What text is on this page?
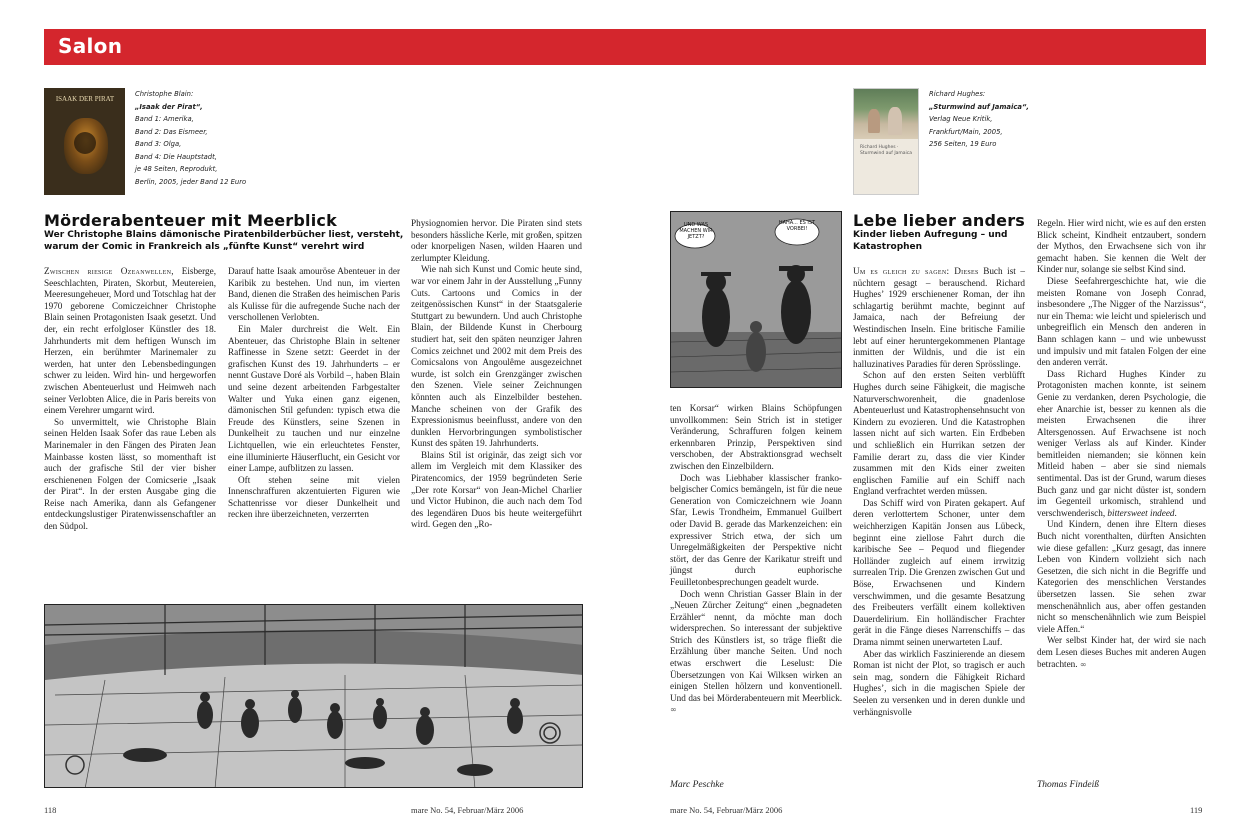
Salon
ISAAK DER PIRAT
Christophe Blain:
„Isaak der Pirat“,
Band 1: Amerika,
Band 2: Das Eismeer,
Band 3: Olga,
Band 4: Die Hauptstadt,
je 48 Seiten, Reprodukt,
Berlin, 2005, jeder Band 12 Euro
Richard Hughes · Sturmwind auf Jamaica
Richard Hughes:
„Sturmwind auf Jamaica“,
Verlag Neue Kritik,
Frankfurt/Main, 2005,
256 Seiten, 19 Euro
Mörderabenteuer mit Meerblick
Wer Christophe Blains dämonische Piratenbilderbücher liest, versteht, warum der Comic in Frankreich als „fünfte Kunst“ verehrt wird

Zwischen riesige Ozeanwellen, Eisberge, Seeschlachten, Piraten, Skorbut, Meutereien, Meeresungeheuer, Mord und Totschlag hat der 1970 geborene Comiczeichner Christophe Blain seinen Protagonisten Isaak gesetzt. Und der, ein recht erfolgloser Künstler des 18. Jahrhunderts mit dem heftigen Wunsch im Herzen, ein berühmter Marinemaler zu werden, hat unter den Lebensbedingungen schwer zu leiden. Wird hin- und hergeworfen zwischen Abenteuerlust und Heimweh nach seiner Verlobten Alice, die in Paris bereits von einem Verehrer umgarnt wird.

So unvermittelt, wie Christophe Blain seinen Helden Isaak Sofer das raue Leben als Marinemaler in den Fängen des Piraten Jean Mainbasse kosten lässt, so momenthaft ist auch der grafische Stil der vier bisher erschienenen Folgen der Comicserie „Isaak der Pirat“. In der ersten Ausgabe ging die Reise nach Amerika, dann als Gefangener entdeckungslustiger Piratenwissenschaftler an den Südpol.

Darauf hatte Isaak amouröse Abenteuer in der Karibik zu bestehen. Und nun, im vierten Band, dienen die Straßen des heimischen Paris als Kulisse für die aufregende Suche nach der verschollenen Verlobten.

Ein Maler durchreist die Welt. Ein Abenteuer, das Christophe Blain in seltener Raffinesse in Szene setzt: Geerdet in der grafischen Kunst des 19. Jahrhunderts – er nennt Gustave Doré als Vorbild –, haben Blain und seine dezent arbeitenden Farbgestalter Walter und Yuka einen ganz eigenen, dämonischen Stil gefunden: typisch etwa die Freude des Künstlers, seine Szenen in Dunkelheit zu tauchen und nur einzelne Lichtquellen, wie ein erleuchtetes Fenster, eine illuminierte Häuserflucht, ein Gesicht vor einer Lampe, aufblitzen zu lassen.

Oft stehen seine mit vielen Innenschraffuren akzentuierten Figuren wie Schattenrisse vor dieser Dunkelheit und recken ihre überzeichneten, verzerrten

Physiognomien hervor. Die Piraten sind stets besonders hässliche Kerle, mit großen, spitzen oder knorpeligen Nasen, wilden Haaren und zerlumpter Kleidung.

Wie nah sich Kunst und Comic heute sind, war vor einem Jahr in der Ausstellung „Funny Cuts. Cartoons und Comics in der zeitgenössischen Kunst“ in der Staatsgalerie Stuttgart zu bewundern. Und auch Christophe Blain, der Bildende Kunst in Cherbourg studiert hat, seit den späten neunziger Jahren Comics zeichnet und 2002 mit dem Preis des Comicsalons von Angoulême ausgezeichnet wurde, ist solch ein Grenzgänger zwischen den Szenen. Viele seiner Zeichnungen könnten auch als Einzelbilder bestehen. Manche scheinen von der Grafik des Expressionismus beeinflusst, andere von den dunklen Hervorbringungen symbolistischer Kunst des späten 19. Jahrhunderts.

Blains Stil ist originär, das zeigt sich vor allem im Vergleich mit dem Klassiker des Piratencomics, der 1959 begründeten Serie „Der rote Korsar“ von Jean-Michel Charlier und Victor Hubinon, die auch nach dem Tod des legendären Duos bis heute weitergeführt wird. Gegen den „Ro-

UND WAS MACHEN WIR JETZT?
HAHA... ES IST VORBEI!

ten Korsar“ wirken Blains Schöpfungen unvollkommen: Sein Strich ist in stetiger Veränderung, Schraffuren folgen keinem erkennbaren Prinzip, Perspektiven sind verschoben, der Abstraktionsgrad wechselt zwischen den Einzelbildern.

Doch was Liebhaber klassischer franko-belgischer Comics bemängeln, ist für die neue Generation von Comiczeichnern wie Joann Sfar, Lewis Trondheim, Emmanuel Guilbert oder David B. gerade das Markenzeichen: ein expressiver Strich etwa, der sich um Unregelmäßigkeiten der Perspektive nicht stört, der das Genre der Karikatur streift und jüngst durch euphorische Feuilletonbesprechungen geadelt wurde.

Doch wenn Christian Gasser Blain in der „Neuen Zürcher Zeitung“ einen „begnadeten Erzähler“ nennt, da möchte man doch widersprechen. So interessant der subjektive Strich des Künstlers ist, so träge fließt die Erzählung über manche Seiten. Und noch etwas erschwert die Leselust: Die Übersetzungen von Kai Wilksen wirken an einigen Stellen hölzern und konventionell. Und das bei Mörderabenteuern mit Meerblick. ∞

Marc Peschke
Lebe lieber anders
Kinder lieben Aufregung – und Katastrophen

Um es gleich zu sagen: Dieses Buch ist – nüchtern gesagt – berauschend. Richard Hughes’ 1929 erschienener Roman, der ihn schlagartig berühmt machte, beginnt auf Jamaica, nach der Befreiung der Westindischen Inseln. Eine britische Familie lebt auf einer heruntergekommenen Plantage inmitten der Wildnis, und die ist ein halluzinatives Paradies für deren Sprösslinge.

Schon auf den ersten Seiten verblüfft Hughes durch seine Fähigkeit, die magische Naturverschworenheit, die gnadenlose Abenteuerlust und Katastrophensehnsucht von Kindern zu evozieren. Und die Katastrophen lassen nicht auf sich warten. Ein Erdbeben und schließlich ein Hurrikan setzen der Familie derart zu, dass die vier Kinder zusammen mit den Kids einer zweiten englischen Familie auf ein Schiff nach England verfrachtet werden müssen.

Das Schiff wird von Piraten gekapert. Auf deren verlottertem Schoner, unter dem weichherzigen Kapitän Jonsen aus Lübeck, beginnt eine ziellose Fahrt durch die karibische See – Pequod und fliegender Holländer zugleich auf einem irrwitzig surrealen Trip. Die Grenzen zwischen Gut und Böse, Erwachsenen und Kindern verschwimmen, und die gesamte Besatzung des Freibeuters verfällt einem kollektiven Dauerdelirium. Ein holländischer Frachter gerät in die Fänge dieses Narrenschiffs – das Drama nimmt seinen unerwarteten Lauf.

Aber das wirklich Faszinierende an diesem Roman ist nicht der Plot, so tragisch er auch sein mag, sondern die Fähigkeit Richard Hughes’, sich in die magischen Spiele der Seelen zu versenken und in deren dunkle und verhängnisvolle

Regeln. Hier wird nicht, wie es auf den ersten Blick scheint, Kindheit entzaubert, sondern der Mythos, den Erwachsene sich von ihr gemacht haben. Sie kennen die Welt der Kinder nur, solange sie selbst Kind sind.

Diese Seefahrergeschichte hat, wie die meisten Romane von Joseph Conrad, insbesondere „The Nigger of the Narzissus“, nur ein Thema: wie leicht und spielerisch und unbegreiflich ein Mensch den anderen in Bann schlagen kann – und wie unbewusst und impulsiv und mit fatalen Folgen der eine den anderen verrät.

Dass Richard Hughes Kinder zu Protagonisten machen konnte, ist seinem Genie zu verdanken, deren Psychologie, die eher Anarchie ist, besser zu kennen als die meisten Erwachsenen die ihrer Altersgenossen. Auf Erwachsene ist noch weniger Verlass als auf Kinder. Kinder bemitleiden niemanden; sie können kein Mitleid haben – aber sie sind niemals sentimental. Das ist der Grund, warum dieses Buch ganz und gar nicht düster ist, sondern im Gegenteil urkomisch, strahlend und verschwenderisch, bittersweet indeed.

Und Kindern, denen ihre Eltern dieses Buch nicht vorenthalten, dürften Ansichten wie diese gefallen: „Kurz gesagt, das innere Leben von Kindern vollzieht sich nach Gesetzen, die sich nicht in die Begriffe und Kategorien des menschlichen Verstandes übersetzen lassen. Sie sehen zwar menschenähnlich aus, aber offen gestanden nicht so menschenähnlich wie zum Beispiel viele Affen.“

Wer selbst Kinder hat, der wird sie nach dem Lesen dieses Buches mit anderen Augen betrachten. ∞

Thomas Findeiß
118	mare No. 54, Februar/März 2006	mare No. 54, Februar/März 2006	119
